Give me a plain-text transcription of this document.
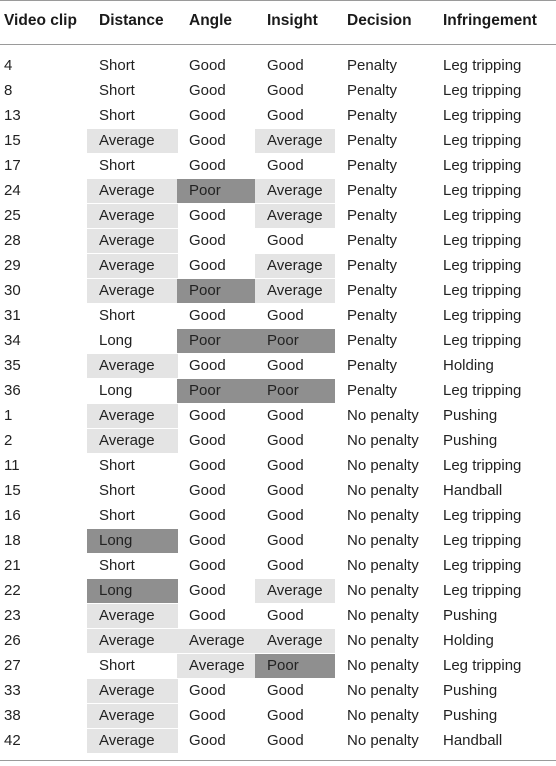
Video clip Distance Angle Insight Decision Infringement
4	Short	Good	Good	Penalty	Leg tripping
8	Short	Good	Good	Penalty	Leg tripping
13	Short	Good	Good	Penalty	Leg tripping
15	Average	Good	Average	Penalty	Leg tripping
17	Short	Good	Good	Penalty	Leg tripping
24	Average	Poor	Average	Penalty	Leg tripping
25	Average	Good	Average	Penalty	Leg tripping
28	Average	Good	Good	Penalty	Leg tripping
29	Average	Good	Average	Penalty	Leg tripping
30	Average	Poor	Average	Penalty	Leg tripping
31	Short	Good	Good	Penalty	Leg tripping
34	Long	Poor	Poor	Penalty	Leg tripping
35	Average	Good	Good	Penalty	Holding
36	Long	Poor	Poor	Penalty	Leg tripping
1	Average	Good	Good	No penalty	Pushing
2	Average	Good	Good	No penalty	Pushing
11	Short	Good	Good	No penalty	Leg tripping
15	Short	Good	Good	No penalty	Handball
16	Short	Good	Good	No penalty	Leg tripping
18	Long	Good	Good	No penalty	Leg tripping
21	Short	Good	Good	No penalty	Leg tripping
22	Long	Good	Average	No penalty	Leg tripping
23	Average	Good	Good	No penalty	Pushing
26	Average	Average	Average	No penalty	Holding
27	Short	Average	Poor	No penalty	Leg tripping
33	Average	Good	Good	No penalty	Pushing
38	Average	Good	Good	No penalty	Pushing
42	Average	Good	Good	No penalty	Handball
